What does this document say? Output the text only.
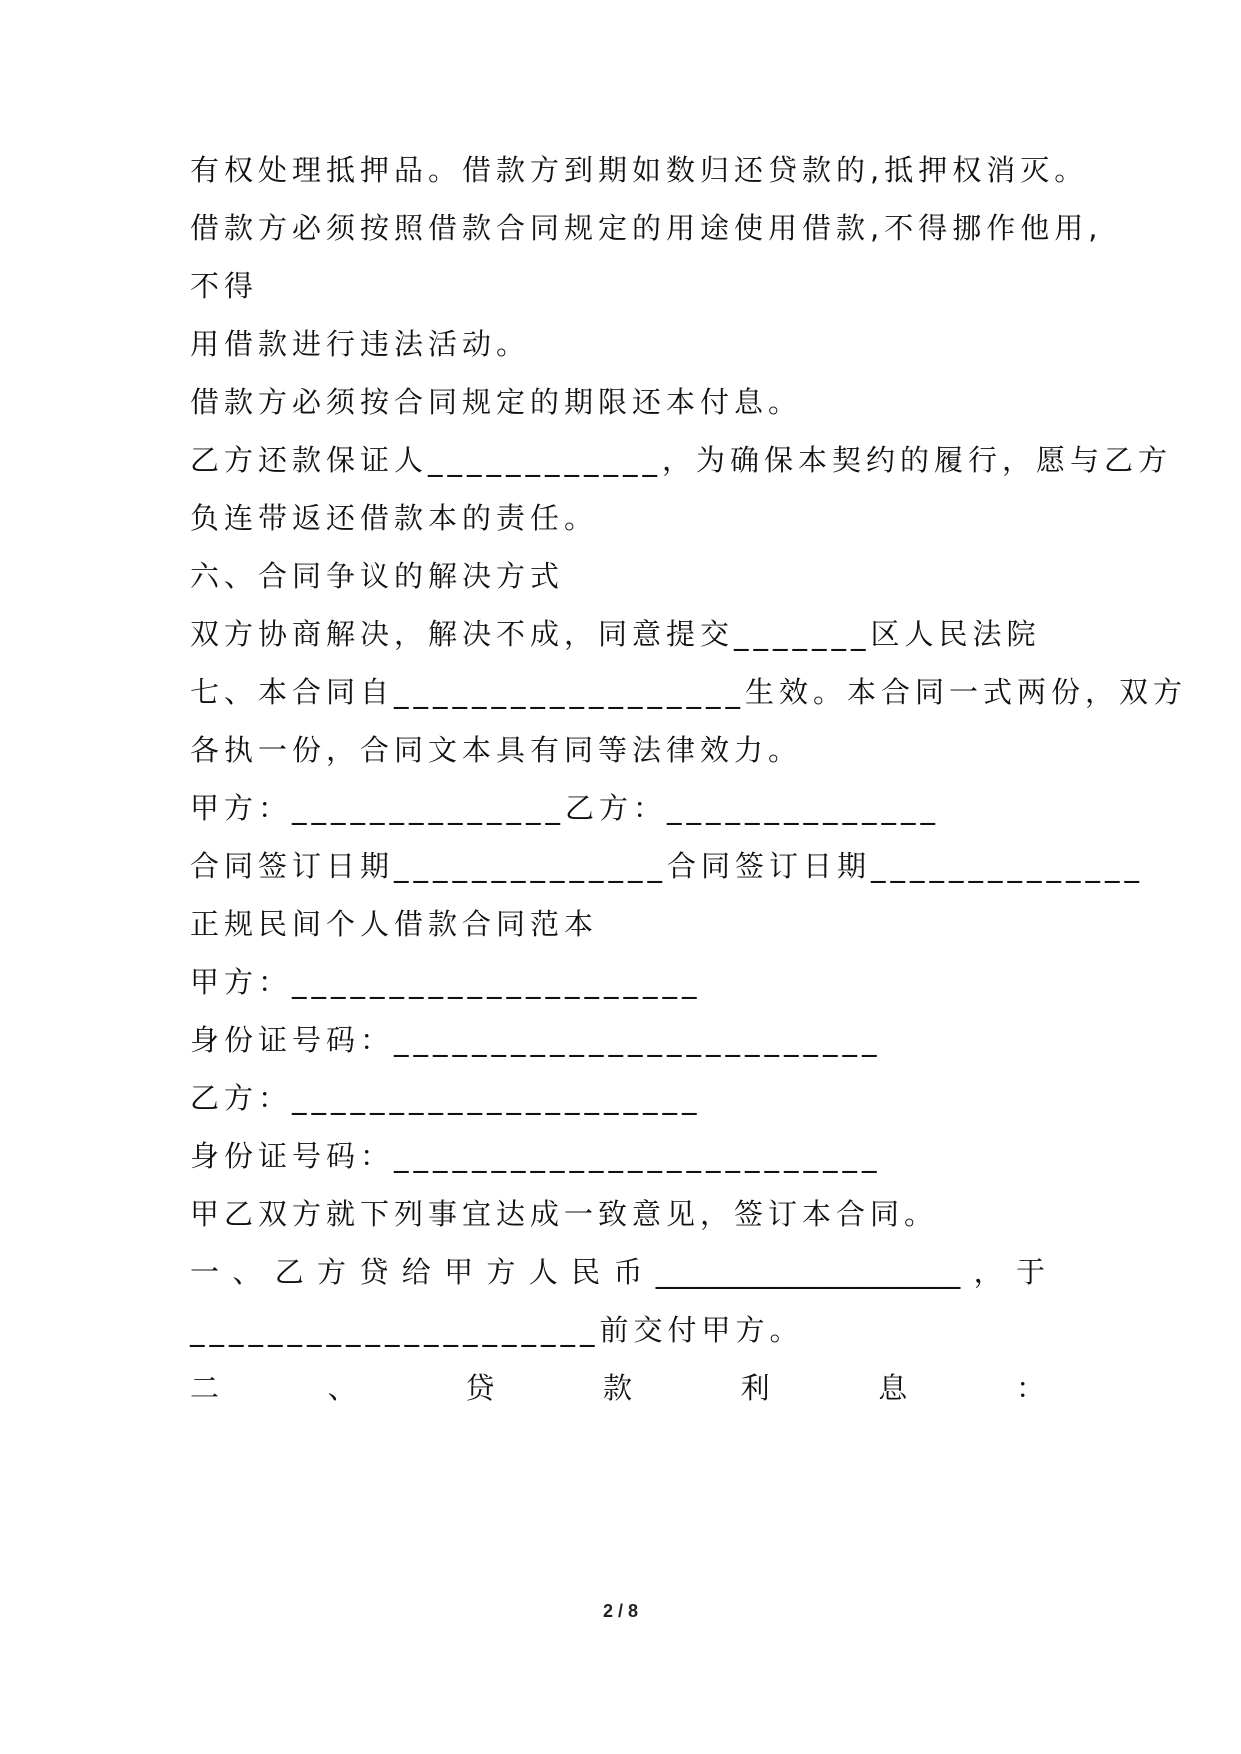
有权处理抵押品。借款方到期如数归还贷款的,抵押权消灭。
借款方必须按照借款合同规定的用途使用借款,不得挪作他用,
不得
用借款进行违法活动。
借款方必须按合同规定的期限还本付息。
乙方还款保证人____________，为确保本契约的履行，愿与乙方
负连带返还借款本的责任。
六、合同争议的解决方式
双方协商解决，解决不成，同意提交_______区人民法院
七、本合同自__________________生效。本合同一式两份，双方
各执一份，合同文本具有同等法律效力。
甲方：______________乙方：______________
合同签订日期______________合同签订日期______________
正规民间个人借款合同范本
甲方：_____________________
身份证号码：_________________________
乙方：_____________________
身份证号码：_________________________
甲乙双方就下列事宜达成一致意见，签订本合同。
一 、 乙 方 贷 给 甲 方 人 民 币 _____________________ ， 于
_____________________前交付甲方。
二	、	贷	款	利	息	：
2 / 8
